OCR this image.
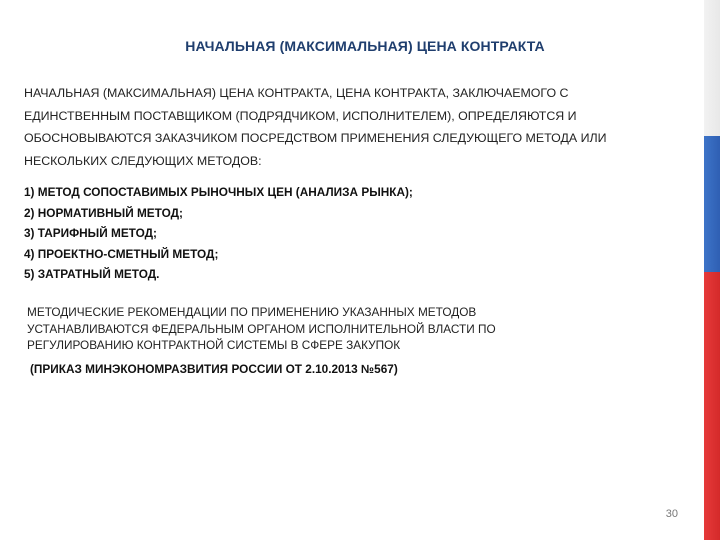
НАЧАЛЬНАЯ (МАКСИМАЛЬНАЯ) ЦЕНА КОНТРАКТА
НАЧАЛЬНАЯ (МАКСИМАЛЬНАЯ) ЦЕНА КОНТРАКТА, ЦЕНА КОНТРАКТА, ЗАКЛЮЧАЕМОГО С
ЕДИНСТВЕННЫМ ПОСТАВЩИКОМ (ПОДРЯДЧИКОМ, ИСПОЛНИТЕЛЕМ), ОПРЕДЕЛЯЮТСЯ И
ОБОСНОВЫВАЮТСЯ ЗАКАЗЧИКОМ ПОСРЕДСТВОМ ПРИМЕНЕНИЯ СЛЕДУЮЩЕГО МЕТОДА ИЛИ
НЕСКОЛЬКИХ СЛЕДУЮЩИХ МЕТОДОВ:
1) МЕТОД СОПОСТАВИМЫХ РЫНОЧНЫХ ЦЕН (АНАЛИЗА РЫНКА);
2) НОРМАТИВНЫЙ МЕТОД;
3) ТАРИФНЫЙ МЕТОД;
4) ПРОЕКТНО-СМЕТНЫЙ МЕТОД;
5) ЗАТРАТНЫЙ МЕТОД.
МЕТОДИЧЕСКИЕ РЕКОМЕНДАЦИИ ПО ПРИМЕНЕНИЮ УКАЗАННЫХ МЕТОДОВ
УСТАНАВЛИВАЮТСЯ ФЕДЕРАЛЬНЫМ ОРГАНОМ ИСПОЛНИТЕЛЬНОЙ ВЛАСТИ ПО
РЕГУЛИРОВАНИЮ КОНТРАКТНОЙ СИСТЕМЫ В СФЕРЕ ЗАКУПОК
(ПРИКАЗ МИНЭКОНОМРАЗВИТИЯ РОССИИ ОТ 2.10.2013 №567)
30
